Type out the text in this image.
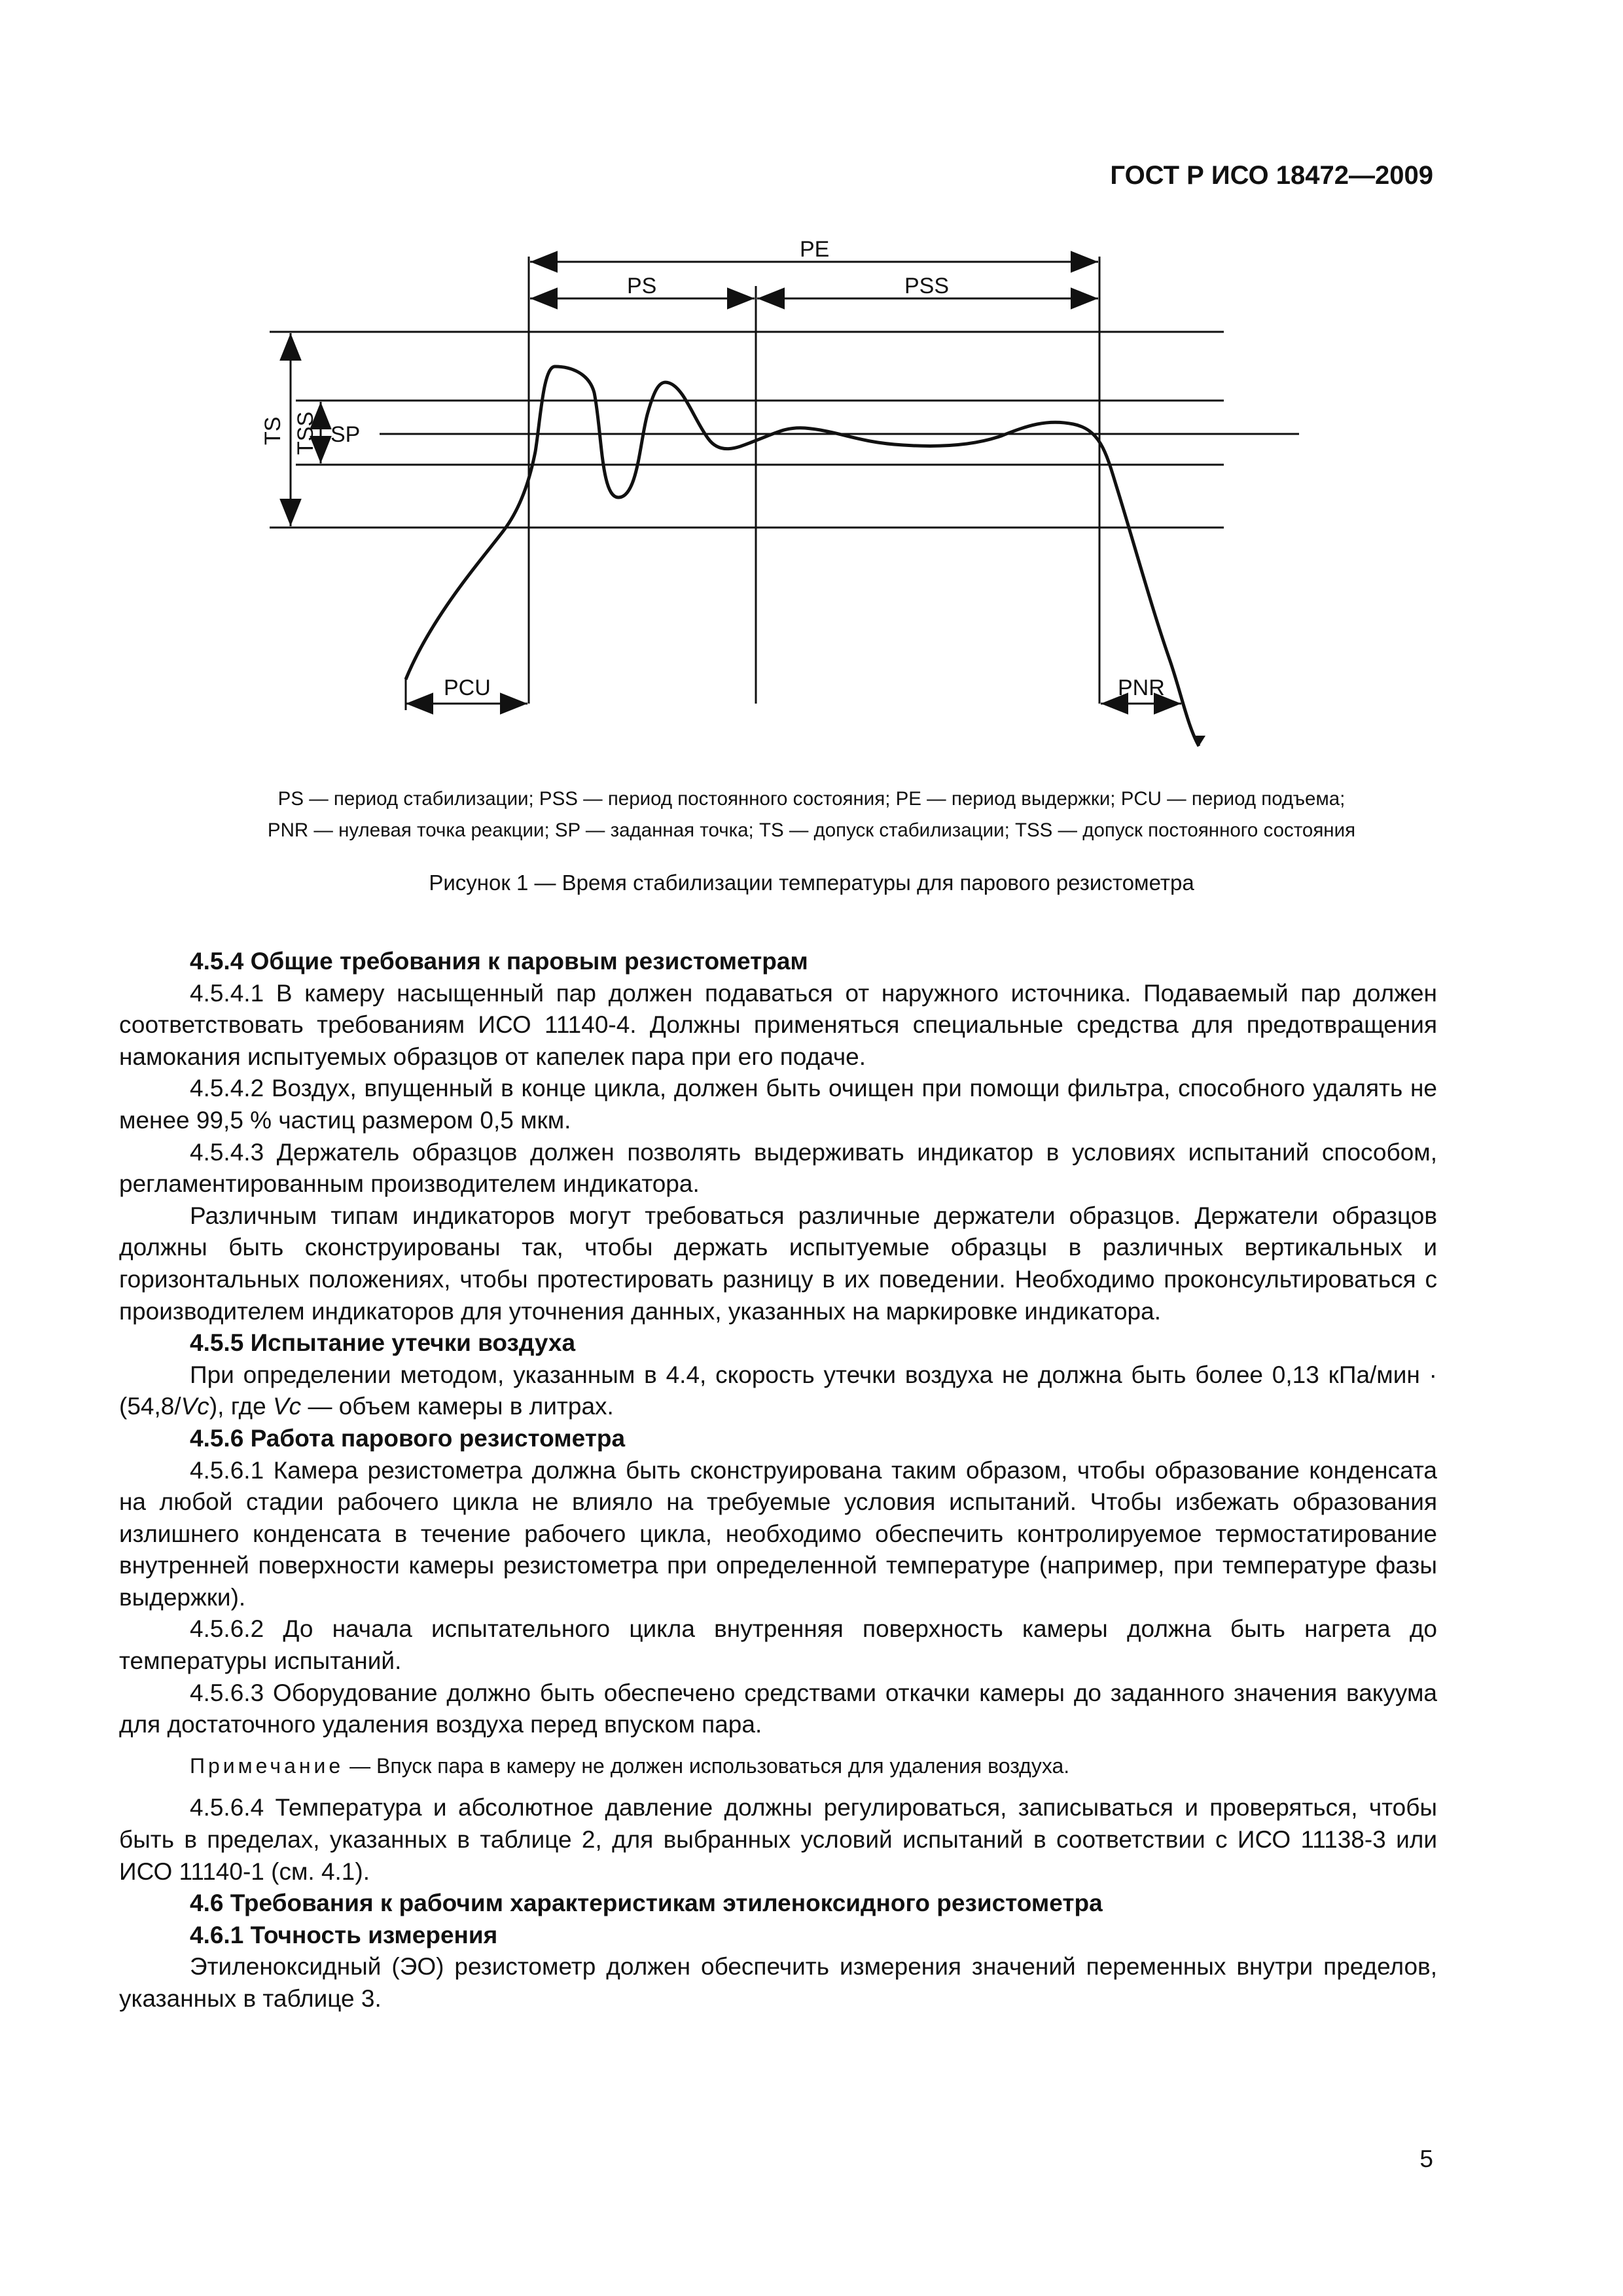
ГОСТ Р ИСО 18472—2009
PE
PS	PSS
TS TSS SP
PCU	PNR
PS — период стабилизации; PSS — период постоянного состояния; PE — период выдержки; PCU — период подъема;
PNR — нулевая точка реакции; SP — заданная точка; TS — допуск стабилизации; TSS — допуск постоянного состояния
Рисунок 1 — Время стабилизации температуры для парового резистометра

4.5.4 Общие требования к паровым резистометрам

4.5.4.1 В камеру насыщенный пар должен подаваться от наружного источника. Подаваемый пар должен соответствовать требованиям ИСО 11140-4. Должны применяться специальные средства для предотвращения намокания испытуемых образцов от капелек пара при его подаче.

4.5.4.2 Воздух, впущенный в конце цикла, должен быть очищен при помощи фильтра, способного удалять не менее 99,5 % частиц размером 0,5 мкм.

4.5.4.3 Держатель образцов должен позволять выдерживать индикатор в условиях испытаний способом, регламентированным производителем индикатора.

Различным типам индикаторов могут требоваться различные держатели образцов. Держатели образцов должны быть сконструированы так, чтобы держать испытуемые образцы в различных вертикальных и горизонтальных положениях, чтобы протестировать разницу в их поведении. Необходимо проконсультироваться с производителем индикаторов для уточнения данных, указанных на маркировке индикатора.

4.5.5 Испытание утечки воздуха

При определении методом, указанным в 4.4, скорость утечки воздуха не должна быть более 0,13 кПа/мин · (54,8/Vc), где Vc — объем камеры в литрах.

4.5.6 Работа парового резистометра

4.5.6.1 Камера резистометра должна быть сконструирована таким образом, чтобы образование конденсата на любой стадии рабочего цикла не влияло на требуемые условия испытаний. Чтобы избежать образования излишнего конденсата в течение рабочего цикла, необходимо обеспечить контролируемое термостатирование внутренней поверхности камеры резистометра при определенной температуре (например, при температуре фазы выдержки).

4.5.6.2 До начала испытательного цикла внутренняя поверхность камеры должна быть нагрета до температуры испытаний.

4.5.6.3 Оборудование должно быть обеспечено средствами откачки камеры до заданного значения вакуума для достаточного удаления воздуха перед впуском пара.

Примечание — Впуск пара в камеру не должен использоваться для удаления воздуха.

4.5.6.4 Температура и абсолютное давление должны регулироваться, записываться и проверяться, чтобы быть в пределах, указанных в таблице 2, для выбранных условий испытаний в соответствии с ИСО 11138-3 или ИСО 11140-1 (см. 4.1).

4.6 Требования к рабочим характеристикам этиленоксидного резистометра

4.6.1 Точность измерения

Этиленоксидный (ЭО) резистометр должен обеспечить измерения значений переменных внутри пределов, указанных в таблице 3.

5
